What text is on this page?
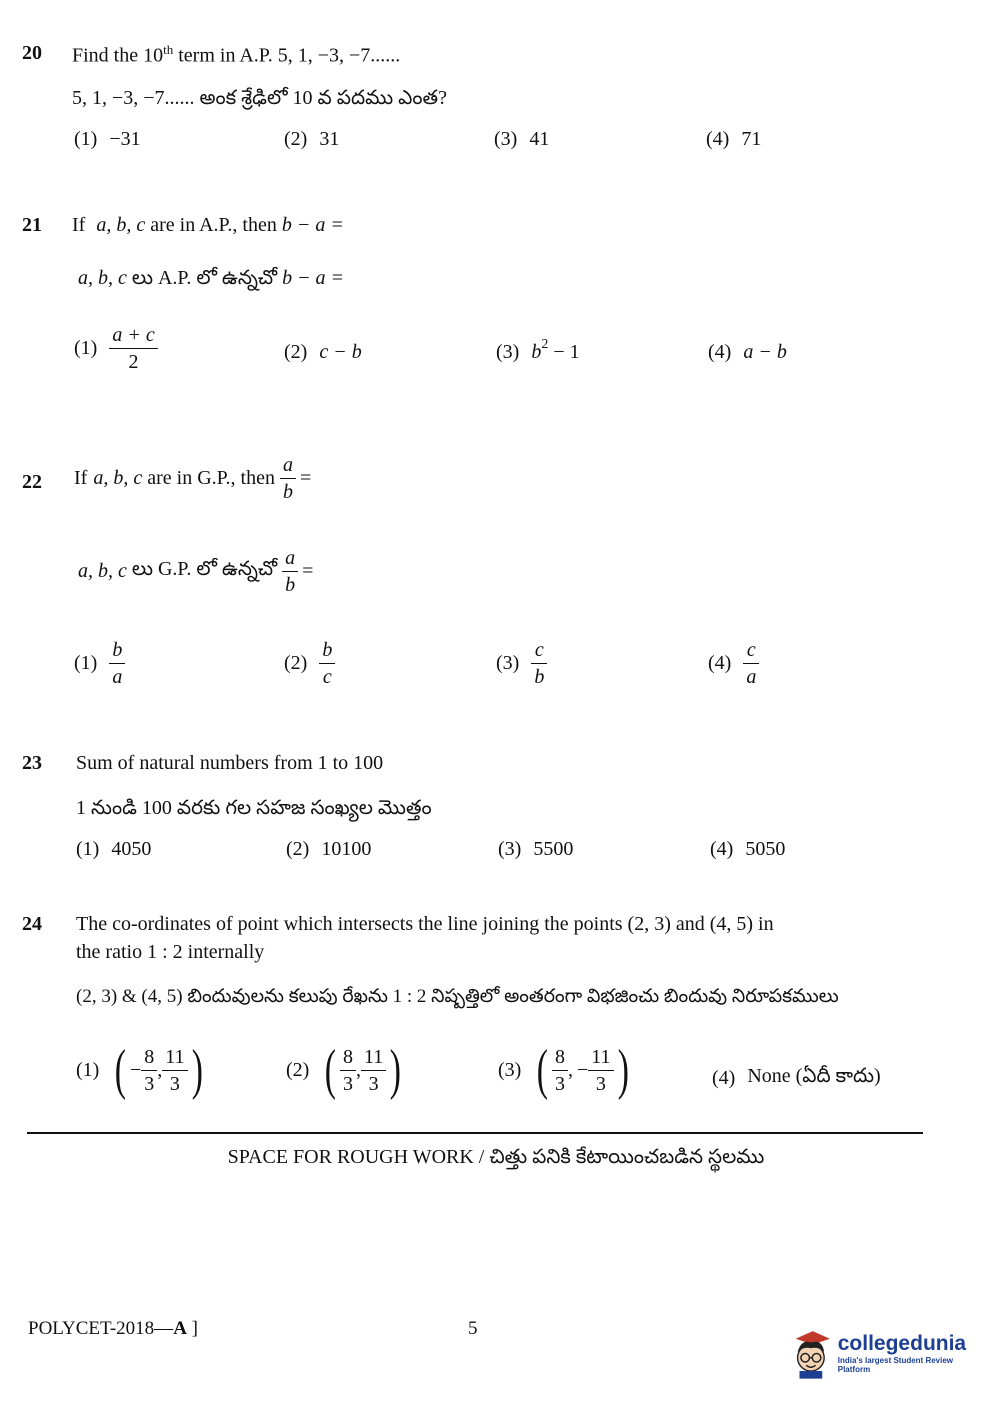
20 Find the 10th term in A.P. 5, 1, −3, −7......
5, 1, −3, −7...... అంక శ్రేఢిలో 10 వ పదము ఎంత?
(1) −31	(2) 31	(3) 41	(4) 71
21 If a, b, c are in A.P., then b − a =
a, b, c లు A.P. లో ఉన్నచో b − a =
$(1) \frac{a + c}{2}$	(2) c − b	(3) $b^2 - 1$	(4) a − b
22 If a, b, c are in G.P., then $\frac{a}{b}$ =
a, b, c లు G.P. లో ఉన్నచో $\frac{a}{b}$ =
$(1) \frac{b}{a}$	$(2) \frac{b}{c}$	$(3) \frac{c}{b}$	$(4) \frac{c}{a}$
23 Sum of natural numbers from 1 to 100
1 నుండి 100 వరకు గల సహజ సంఖ్యల మొత్తం
(1) 4050	(2) 10100	(3) 5500	(4) 5050
24 The co-ordinates of point which intersects the line joining the points (2, 3) and (4, 5) in
the ratio 1 : 2 internally
(2, 3) & (4, 5) బిందువులను కలుపు రేఖను 1 : 2 నిష్పత్తిలో అంతరంగా విభజించు బిందువు నిరూపకములు
(1) ( − $\frac{8}{3}$ , $\frac{11}{3}$ )	(2) ( $\frac{8}{3}$ , $\frac{11}{3}$ )	(3) ( $\frac{8}{3}$ , − $\frac{11}{3}$ )	(4) None (ఏదీ కాదు)
SPACE FOR ROUGH WORK / చిత్తు పనికి కేటాయించబడిన స్థలము
POLYCET-2018—A ]	5
collegedunia
India's largest Student Review Platform
